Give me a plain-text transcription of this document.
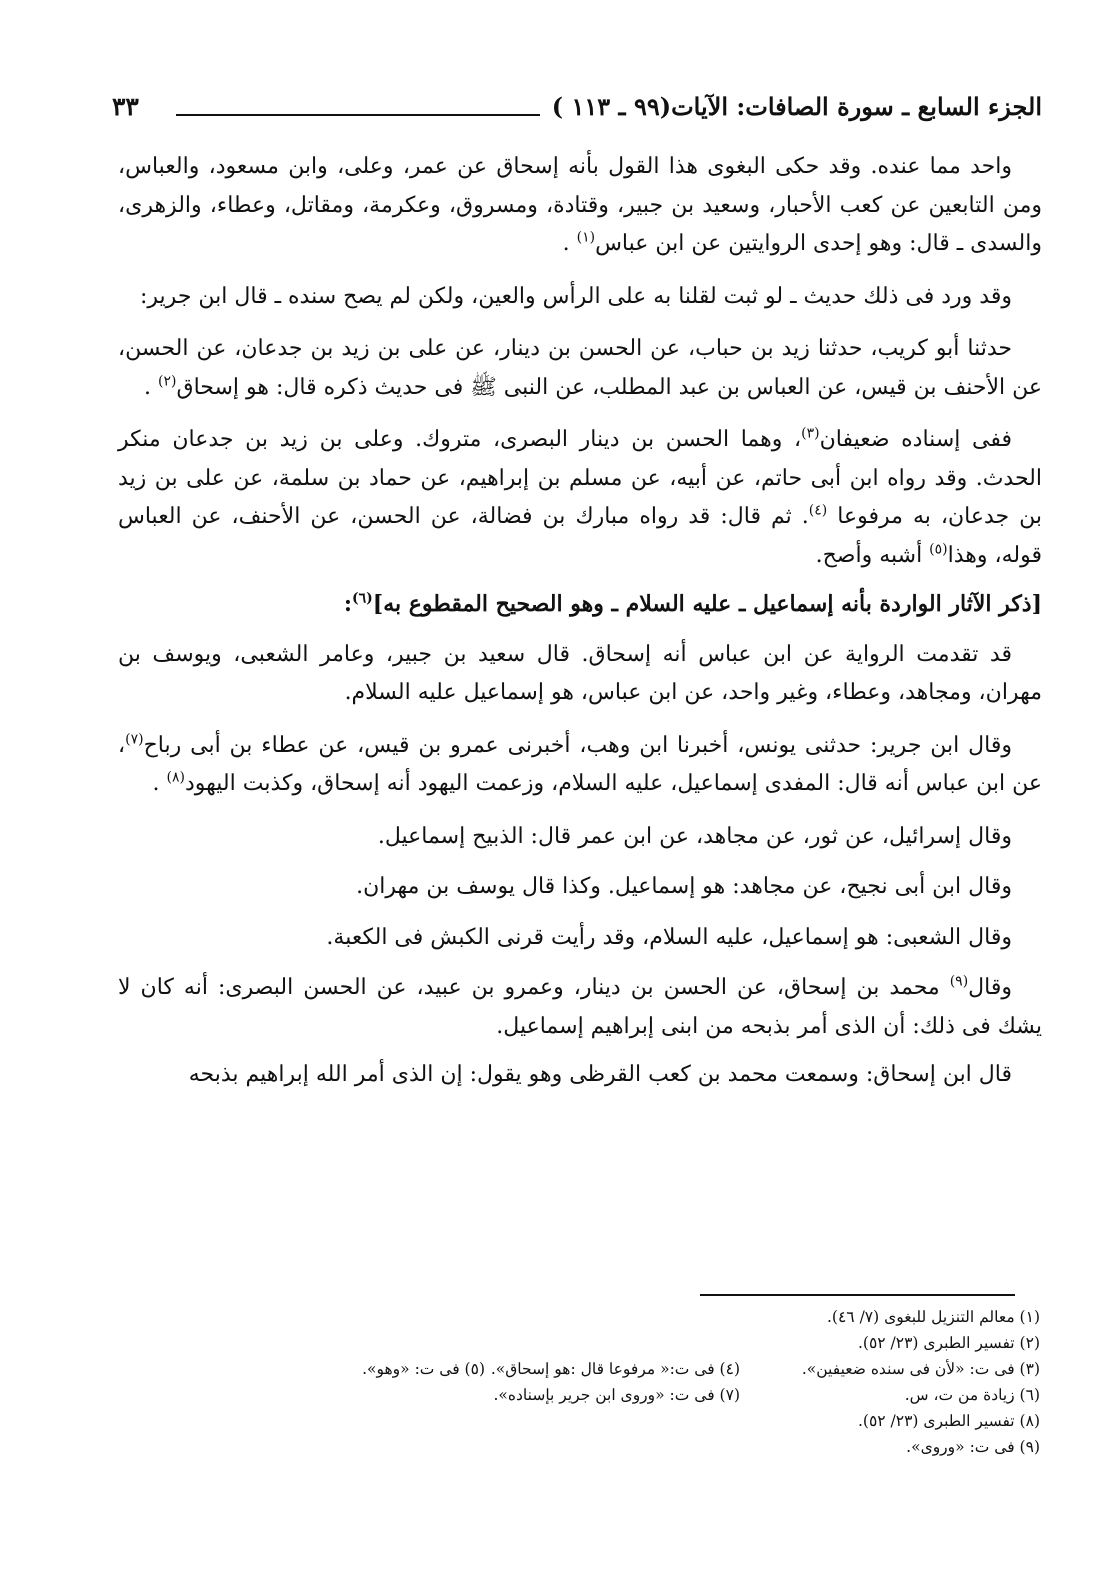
الجزء السابع ـ سورة الصافات: الآيات(٩٩ ـ ١١٣ )
٣٣

واحد مما عنده. وقد حكى البغوى هذا القول بأنه إسحاق عن عمر، وعلى، وابن مسعود، والعباس، ومن التابعين عن كعب الأحبار، وسعيد بن جبير، وقتادة، ومسروق، وعكرمة، ومقاتل، وعطاء، والزهرى، والسدى ـ قال: وهو إحدى الروايتين عن ابن عباس$^{(١)}$ .

وقد ورد فى ذلك حديث ـ لو ثبت لقلنا به على الرأس والعين، ولكن لم يصح سنده ـ قال ابن جرير:

حدثنا أبو كريب، حدثنا زيد بن حباب، عن الحسن بن دينار، عن على بن زيد بن جدعان، عن الحسن، عن الأحنف بن قيس، عن العباس بن عبد المطلب، عن النبى ﷺ فى حديث ذكره قال: هو إسحاق$^{(٢)}$ .

ففى إسناده ضعيفان$^{(٣)}$، وهما الحسن بن دينار البصرى، متروك. وعلى بن زيد بن جدعان منكر الحدث. وقد رواه ابن أبى حاتم، عن أبيه، عن مسلم بن إبراهيم، عن حماد بن سلمة، عن على بن زيد بن جدعان، به مرفوعا $^{(٤)}$. ثم قال: قد رواه مبارك بن فضالة، عن الحسن، عن الأحنف، عن العباس قوله، وهذا$^{(٥)}$ أشبه وأصح.

[ذكر الآثار الواردة بأنه إسماعيل ـ عليه السلام ـ وهو الصحيح المقطوع به]$^{(٦)}$:

قد تقدمت الرواية عن ابن عباس أنه إسحاق. قال سعيد بن جبير، وعامر الشعبى، ويوسف بن مهران، ومجاهد، وعطاء، وغير واحد، عن ابن عباس، هو إسماعيل عليه السلام.

وقال ابن جرير: حدثنى يونس، أخبرنا ابن وهب، أخبرنى عمرو بن قيس، عن عطاء بن أبى رباح$^{(٧)}$، عن ابن عباس أنه قال: المفدى إسماعيل، عليه السلام، وزعمت اليهود أنه إسحاق، وكذبت اليهود$^{(٨)}$ .

وقال إسرائيل، عن ثور، عن مجاهد، عن ابن عمر قال: الذبيح إسماعيل.

وقال ابن أبى نجيح، عن مجاهد: هو إسماعيل. وكذا قال يوسف بن مهران.

وقال الشعبى: هو إسماعيل، عليه السلام، وقد رأيت قرنى الكبش فى الكعبة.

وقال$^{(٩)}$ محمد بن إسحاق، عن الحسن بن دينار، وعمرو بن عبيد، عن الحسن البصرى: أنه كان لا يشك فى ذلك: أن الذى أمر بذبحه من ابنى إبراهيم إسماعيل.

قال ابن إسحاق: وسمعت محمد بن كعب القرظى وهو يقول: إن الذى أمر الله إبراهيم بذبحه

(١) معالم التنزيل للبغوى (٧/ ٤٦).
(٢) تفسير الطبرى (٢٣/ ٥٢).
(٣) فى ت: «لأن فى سنده ضعيفين».
(٤) فى ت:« مرفوعا قال :هو إسحاق».
(٥) فى ت: «وهو».
(٦) زيادة من ت، س.
(٧) فى ت: «وروى ابن جرير بإسناده».
(٨) تفسير الطبرى (٢٣/ ٥٢).
(٩) فى ت: «وروى».
